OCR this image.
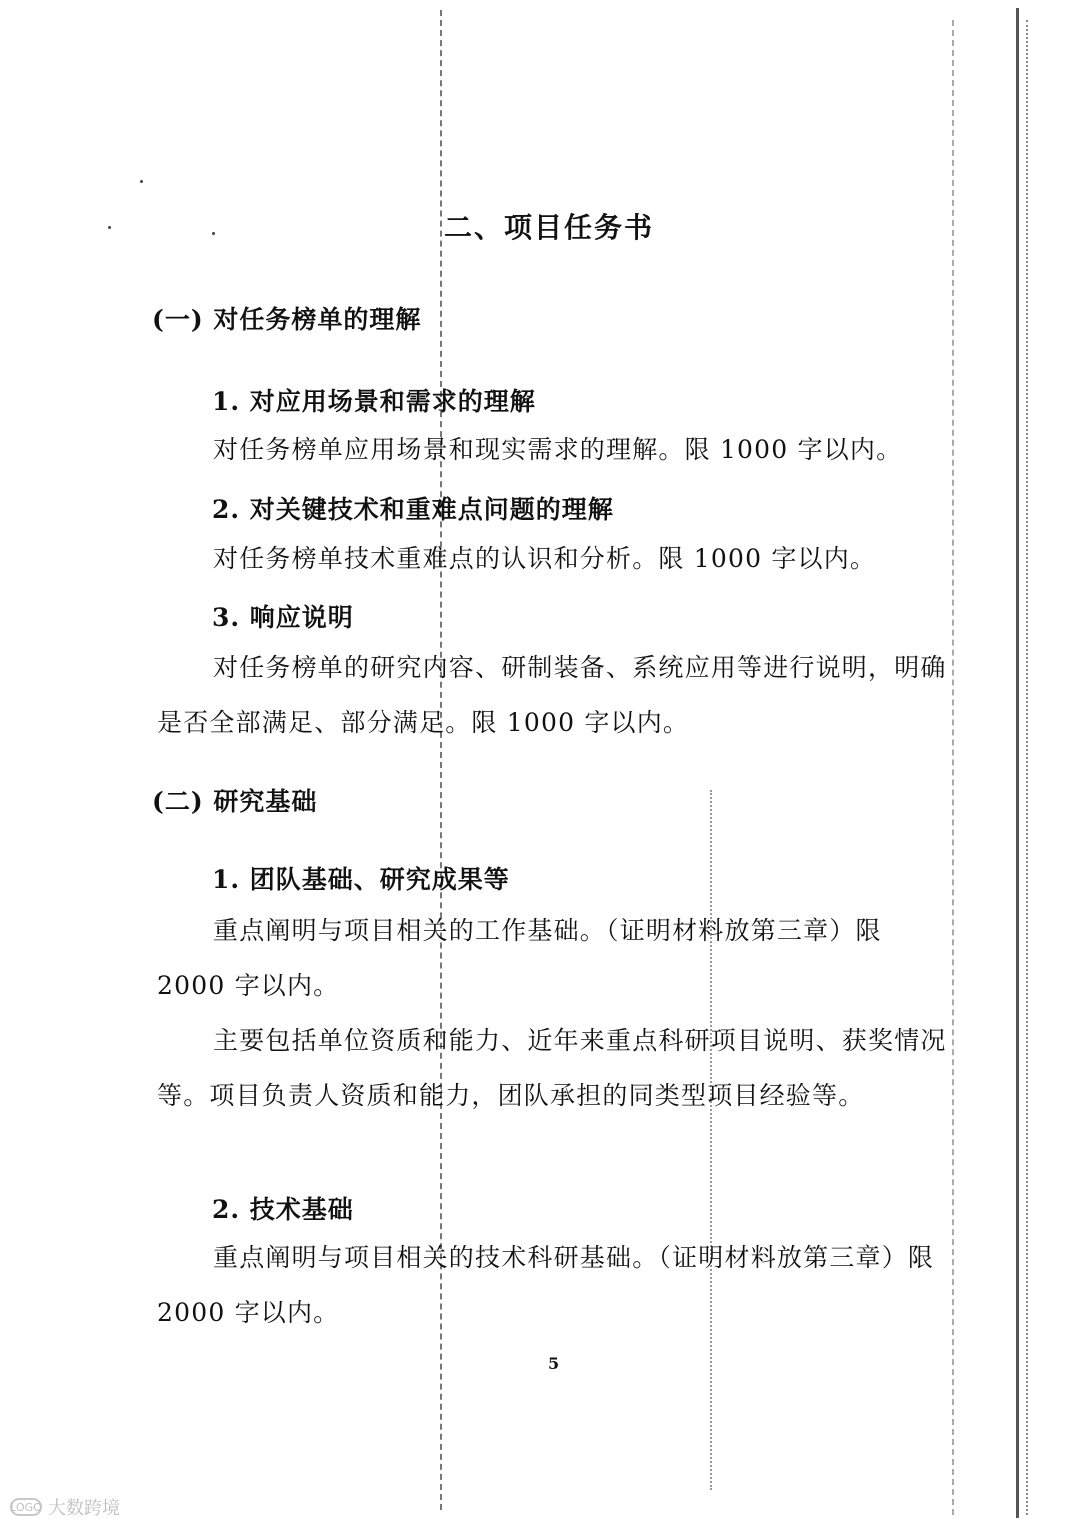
二、项目任务书
(一) 对任务榜单的理解
1. 对应用场景和需求的理解

对任务榜单应用场景和现实需求的理解。限 1000 字以内。

2. 对关键技术和重难点问题的理解

对任务榜单技术重难点的认识和分析。限 1000 字以内。

3. 响应说明

对任务榜单的研究内容、研制装备、系统应用等进行说明，明确是否全部满足、部分满足。限 1000 字以内。

(二) 研究基础
1. 团队基础、研究成果等

重点阐明与项目相关的工作基础。（证明材料放第三章）限 2000 字以内。

主要包括单位资质和能力、近年来重点科研项目说明、获奖情况等。项目负责人资质和能力，团队承担的同类型项目经验等。

2. 技术基础

重点阐明与项目相关的技术科研基础。（证明材料放第三章）限 2000 字以内。

5
LOGO 大数跨境
